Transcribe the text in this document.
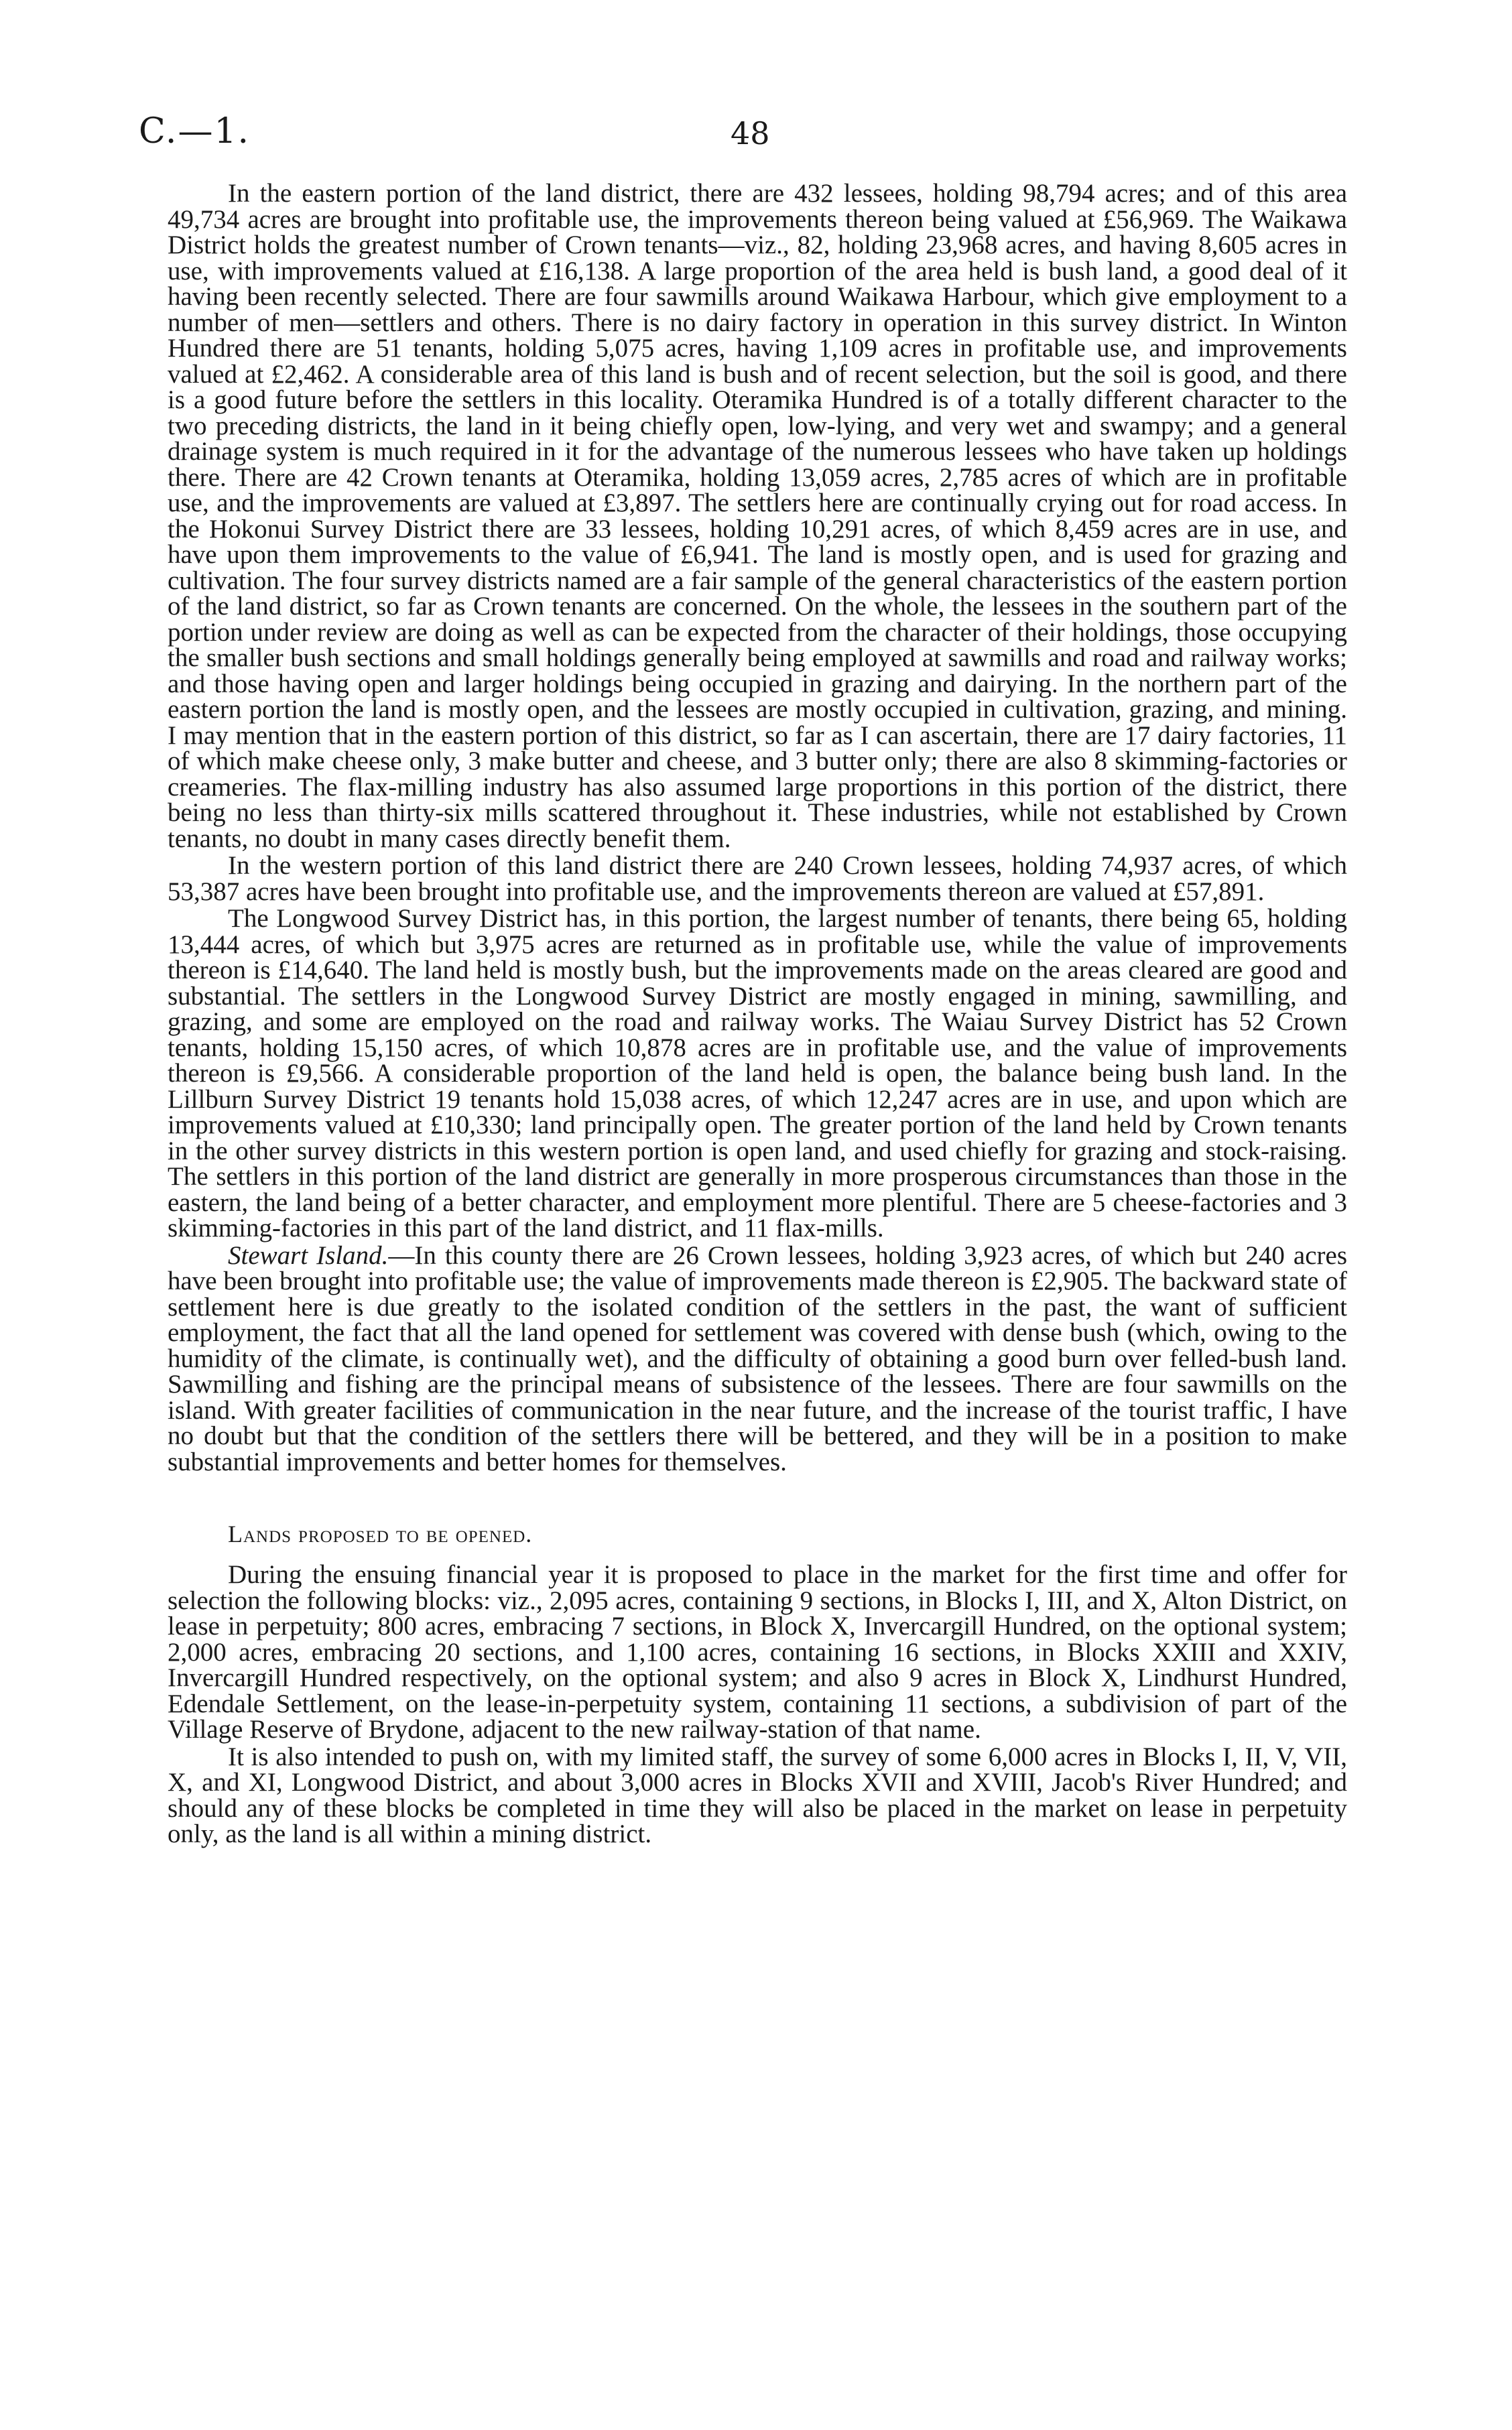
C.—1.	48

In the eastern portion of the land district, there are 432 lessees, holding 98,794 acres; and of this area 49,734 acres are brought into profitable use, the improvements thereon being valued at £56,969. The Waikawa District holds the greatest number of Crown tenants—viz., 82, holding 23,968 acres, and having 8,605 acres in use, with improvements valued at £16,138. A large proportion of the area held is bush land, a good deal of it having been recently selected. There are four sawmills around Waikawa Harbour, which give employment to a number of men—settlers and others. There is no dairy factory in operation in this survey district. In Winton Hundred there are 51 tenants, holding 5,075 acres, having 1,109 acres in profitable use, and improvements valued at £2,462. A considerable area of this land is bush and of recent selection, but the soil is good, and there is a good future before the settlers in this locality. Oteramika Hundred is of a totally different character to the two preceding districts, the land in it being chiefly open, low-lying, and very wet and swampy; and a general drainage system is much required in it for the advantage of the numerous lessees who have taken up holdings there. There are 42 Crown tenants at Oteramika, holding 13,059 acres, 2,785 acres of which are in profitable use, and the improvements are valued at £3,897. The settlers here are continually crying out for road access. In the Hokonui Survey District there are 33 lessees, holding 10,291 acres, of which 8,459 acres are in use, and have upon them improvements to the value of £6,941. The land is mostly open, and is used for grazing and cultivation. The four survey districts named are a fair sample of the general characteristics of the eastern portion of the land district, so far as Crown tenants are concerned. On the whole, the lessees in the southern part of the portion under review are doing as well as can be expected from the character of their holdings, those occupying the smaller bush sections and small holdings generally being employed at sawmills and road and railway works; and those having open and larger holdings being occupied in grazing and dairying. In the northern part of the eastern portion the land is mostly open, and the lessees are mostly occupied in cultivation, grazing, and mining. I may mention that in the eastern portion of this district, so far as I can ascertain, there are 17 dairy factories, 11 of which make cheese only, 3 make butter and cheese, and 3 butter only; there are also 8 skimming-factories or creameries. The flax-milling industry has also assumed large proportions in this portion of the district, there being no less than thirty-six mills scattered throughout it. These industries, while not established by Crown tenants, no doubt in many cases directly benefit them.

In the western portion of this land district there are 240 Crown lessees, holding 74,937 acres, of which 53,387 acres have been brought into profitable use, and the improvements thereon are valued at £57,891.

The Longwood Survey District has, in this portion, the largest number of tenants, there being 65, holding 13,444 acres, of which but 3,975 acres are returned as in profitable use, while the value of improvements thereon is £14,640. The land held is mostly bush, but the improvements made on the areas cleared are good and substantial. The settlers in the Longwood Survey District are mostly engaged in mining, sawmilling, and grazing, and some are employed on the road and railway works. The Waiau Survey District has 52 Crown tenants, holding 15,150 acres, of which 10,878 acres are in profitable use, and the value of improvements thereon is £9,566. A considerable proportion of the land held is open, the balance being bush land. In the Lillburn Survey District 19 tenants hold 15,038 acres, of which 12,247 acres are in use, and upon which are improvements valued at £10,330; land principally open. The greater portion of the land held by Crown tenants in the other survey districts in this western portion is open land, and used chiefly for grazing and stock-raising. The settlers in this portion of the land district are generally in more prosperous circumstances than those in the eastern, the land being of a better character, and employment more plentiful. There are 5 cheese-factories and 3 skimming-factories in this part of the land district, and 11 flax-mills.

Stewart Island.—In this county there are 26 Crown lessees, holding 3,923 acres, of which but 240 acres have been brought into profitable use; the value of improvements made thereon is £2,905. The backward state of settlement here is due greatly to the isolated condition of the settlers in the past, the want of sufficient employment, the fact that all the land opened for settlement was covered with dense bush (which, owing to the humidity of the climate, is continually wet), and the difficulty of obtaining a good burn over felled-bush land. Sawmilling and fishing are the principal means of subsistence of the lessees. There are four sawmills on the island. With greater facilities of communication in the near future, and the increase of the tourist traffic, I have no doubt but that the condition of the settlers there will be bettered, and they will be in a position to make substantial improvements and better homes for themselves.

Lands proposed to be opened.

During the ensuing financial year it is proposed to place in the market for the first time and offer for selection the following blocks: viz., 2,095 acres, containing 9 sections, in Blocks I, III, and X, Alton District, on lease in perpetuity; 800 acres, embracing 7 sections, in Block X, Invercargill Hundred, on the optional system; 2,000 acres, embracing 20 sections, and 1,100 acres, containing 16 sections, in Blocks XXIII and XXIV, Invercargill Hundred respectively, on the optional system; and also 9 acres in Block X, Lindhurst Hundred, Edendale Settlement, on the lease-in-perpetuity system, containing 11 sections, a subdivision of part of the Village Reserve of Brydone, adjacent to the new railway-station of that name.

It is also intended to push on, with my limited staff, the survey of some 6,000 acres in Blocks I, II, V, VII, X, and XI, Longwood District, and about 3,000 acres in Blocks XVII and XVIII, Jacob's River Hundred; and should any of these blocks be completed in time they will also be placed in the market on lease in perpetuity only, as the land is all within a mining district.
